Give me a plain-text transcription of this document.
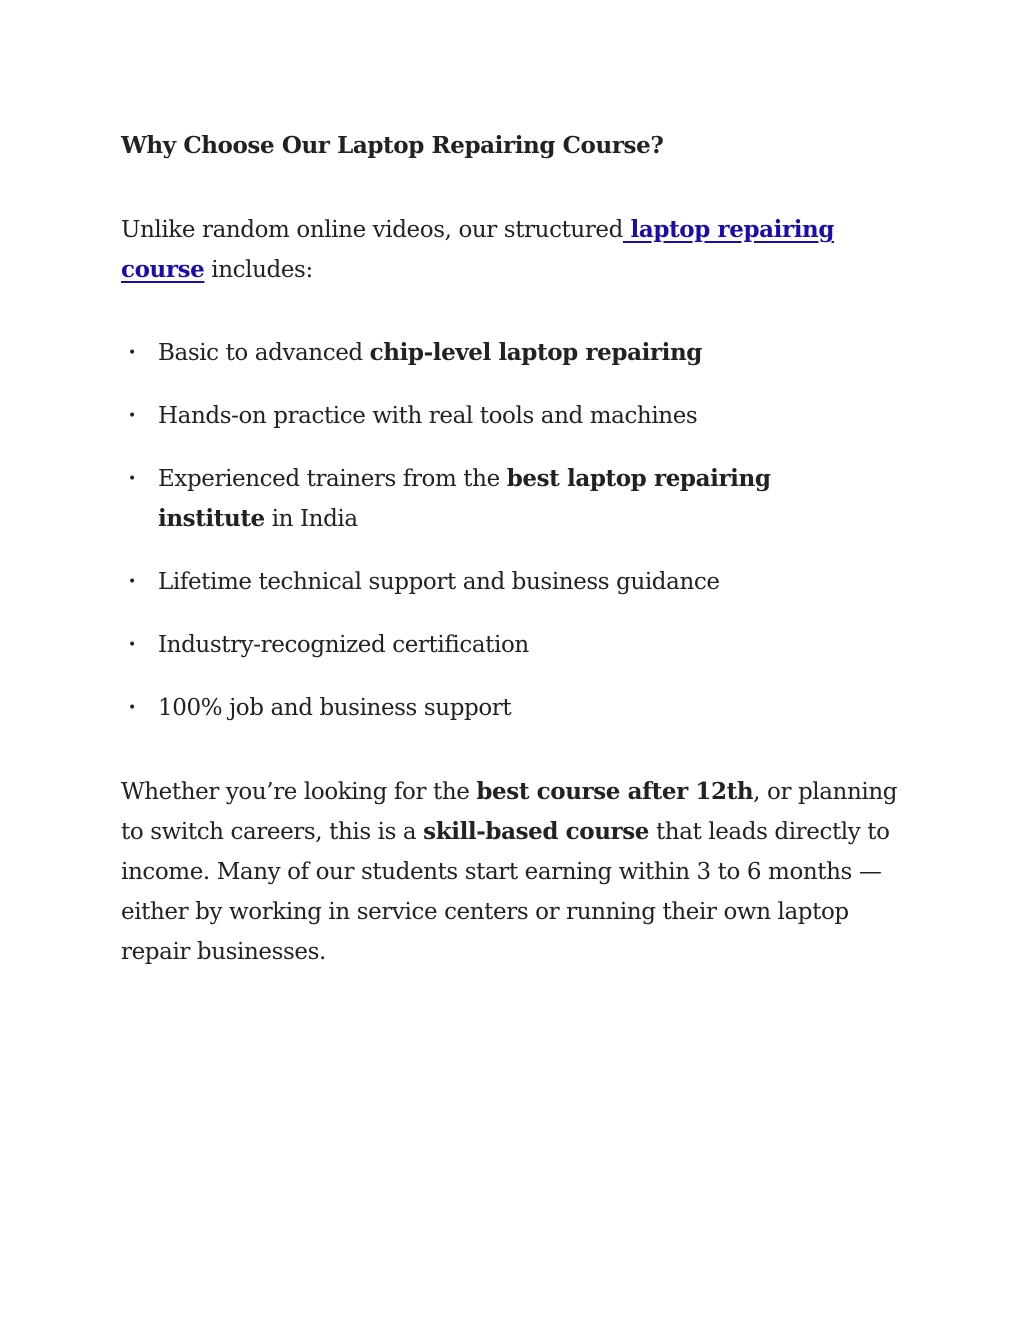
Why Choose Our Laptop Repairing Course?

Unlike random online videos, our structured laptop repairing course includes:

• Basic to advanced chip-level laptop repairing
• Hands-on practice with real tools and machines
• Experienced trainers from the best laptop repairing institute in India
• Lifetime technical support and business guidance
• Industry-recognized certification
• 100% job and business support

Whether you’re looking for the best course after 12th, or planning to switch careers, this is a skill-based course that leads directly to income. Many of our students start earning within 3 to 6 months — either by working in service centers or running their own laptop repair businesses.
